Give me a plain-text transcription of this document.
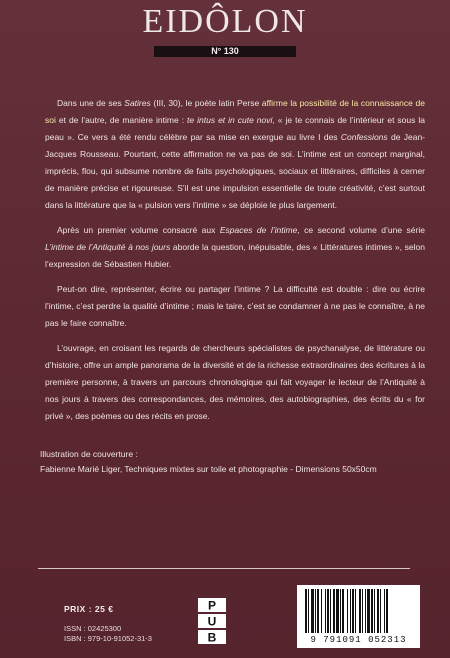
EIDÔLON
N° 130

Dans une de ses Satires (III, 30), le poète latin Perse affirme la possibilité de la connaissance de soi et de l’autre, de manière intime : te intus et in cute novi, « je te connais de l’intérieur et sous la peau ». Ce vers a été rendu célèbre par sa mise en exergue au livre I des Confessions de Jean-Jacques Rousseau. Pourtant, cette affirmation ne va pas de soi. L’intime est un concept marginal, imprécis, flou, qui subsume nombre de faits psychologiques, sociaux et littéraires, difficiles à cerner de manière précise et rigoureuse. S’il est une impulsion essentielle de toute créativité, c’est surtout dans la littérature que la « pulsion vers l’intime » se déploie le plus largement.

Après un premier volume consacré aux Espaces de l’intime, ce second volume d’une série L’intime de l’Antiquité à nos jours aborde la question, inépuisable, des « Littératures intimes », selon l’expression de Sébastien Hubier.

Peut-on dire, représenter, écrire ou partager l’intime ? La difficulté est double : dire ou écrire l’intime, c’est perdre la qualité d’intime ; mais le taire, c’est se condamner à ne pas le connaître, à ne pas le faire connaître.

L’ouvrage, en croisant les regards de chercheurs spécialistes de psychanalyse, de littérature ou d’histoire, offre un ample panorama de la diversité et de la richesse extraordinaires des écritures à la première personne, à travers un parcours chronologique qui fait voyager le lecteur de l’Antiquité à nos jours à travers des correspondances, des mémoires, des autobiographies, des écrits du « for privé », des poèmes ou des récits en prose.

Illustration de couverture :
Fabienne Marié Liger, Techniques mixtes sur toile et photographie - Dimensions 50x50cm
PRIX : 25 €
ISSN : 02425300
ISBN : 979-10-91052-31-3
P
U
B	9 791091 052313
